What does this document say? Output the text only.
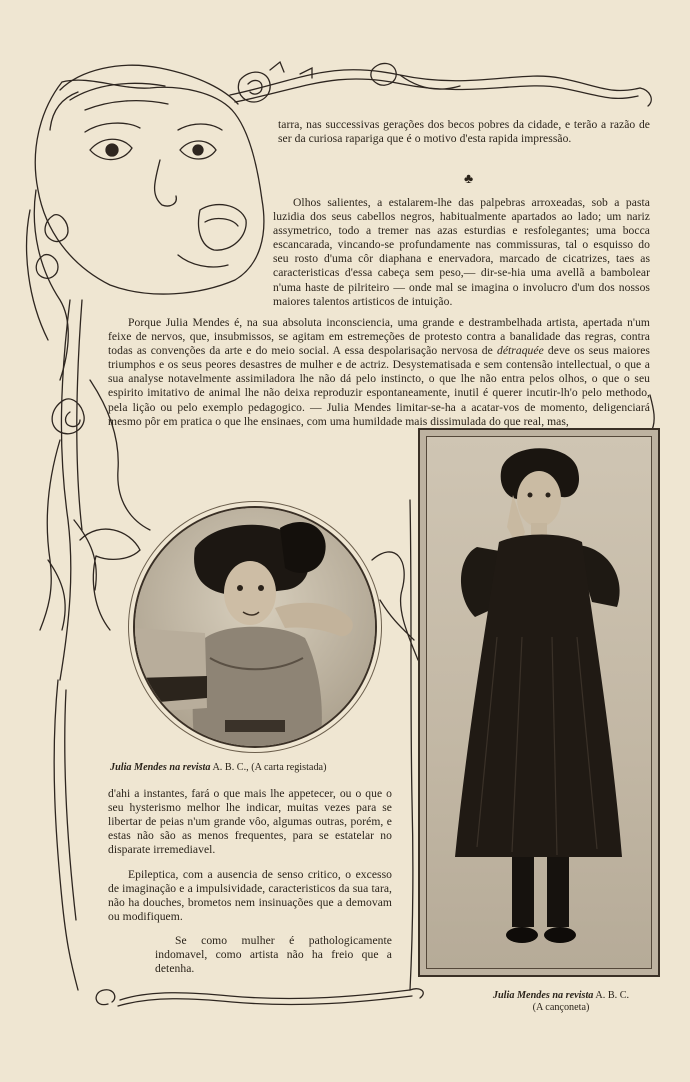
tarra, nas successivas gerações dos becos pobres da cidade, e terão a razão de ser da curiosa rapariga que é o motivo d'esta rapida impressão.

♣

Olhos salientes, a estalarem-lhe das palpebras arroxeadas, sob a pasta luzidia dos seus cabellos negros, habitualmente apartados ao lado; um nariz assymetrico, todo a tremer nas azas esturdias e resfolegantes; uma bocca escancarada, vincando-se profundamente nas commissuras, tal o esquisso do seu rosto d'uma côr diaphana e enervadora, marcado de cicatrizes, taes as caracteristicas d'essa cabeça sem peso,— dir-se-hia uma avellã a bambolear n'uma haste de pilriteiro — onde mal se imagina o involucro d'um dos nossos maiores talentos artisticos de intuição.

Porque Julia Mendes é, na sua absoluta inconsciencia, uma grande e destrambelhada artista, apertada n'um feixe de nervos, que, insubmissos, se agitam em estremeções de protesto contra a banalidade das regras, contra todas as convenções da arte e do meio social. A essa despolarisação nervosa de détraquée deve os seus maiores triumphos e os seus peores desastres de mulher e de actriz. Desystematisada e sem contensão intellectual, o que a sua analyse notavelmente assimiladora lhe não dá pelo instincto, o que lhe não entra pelos olhos, o que o seu espirito imitativo de animal lhe não deixa reproduzir espontaneamente, inutil é querer incutir-lh'o pelo methodo, pela lição ou pelo exemplo pedagogico. — Julia Mendes limitar-se-ha a acatar-vos de momento, deligenciará mesmo pôr em pratica o que lhe ensinaes, com uma humildade mais dissimulada do que real, mas,

Julia Mendes na revista A. B. C., (A carta registada)

d'ahi a instantes, fará o que mais lhe appetecer, ou o que o seu hysterismo melhor lhe indicar, muitas vezes para se libertar de peias n'um grande vôo, algumas outras, porém, e estas não são as menos frequentes, para se estatelar no disparate irremediavel.

Epileptica, com a ausencia de senso critico, o excesso de imaginação e a impulsividade, caracteristicos da sua tara, não ha douches, brometos nem insinuações que a demovam ou modifiquem.

Se como mulher é pathologicamente indomavel, como artista não ha freio que a detenha.

Julia Mendes na revista A. B. C.
(A cançoneta)
